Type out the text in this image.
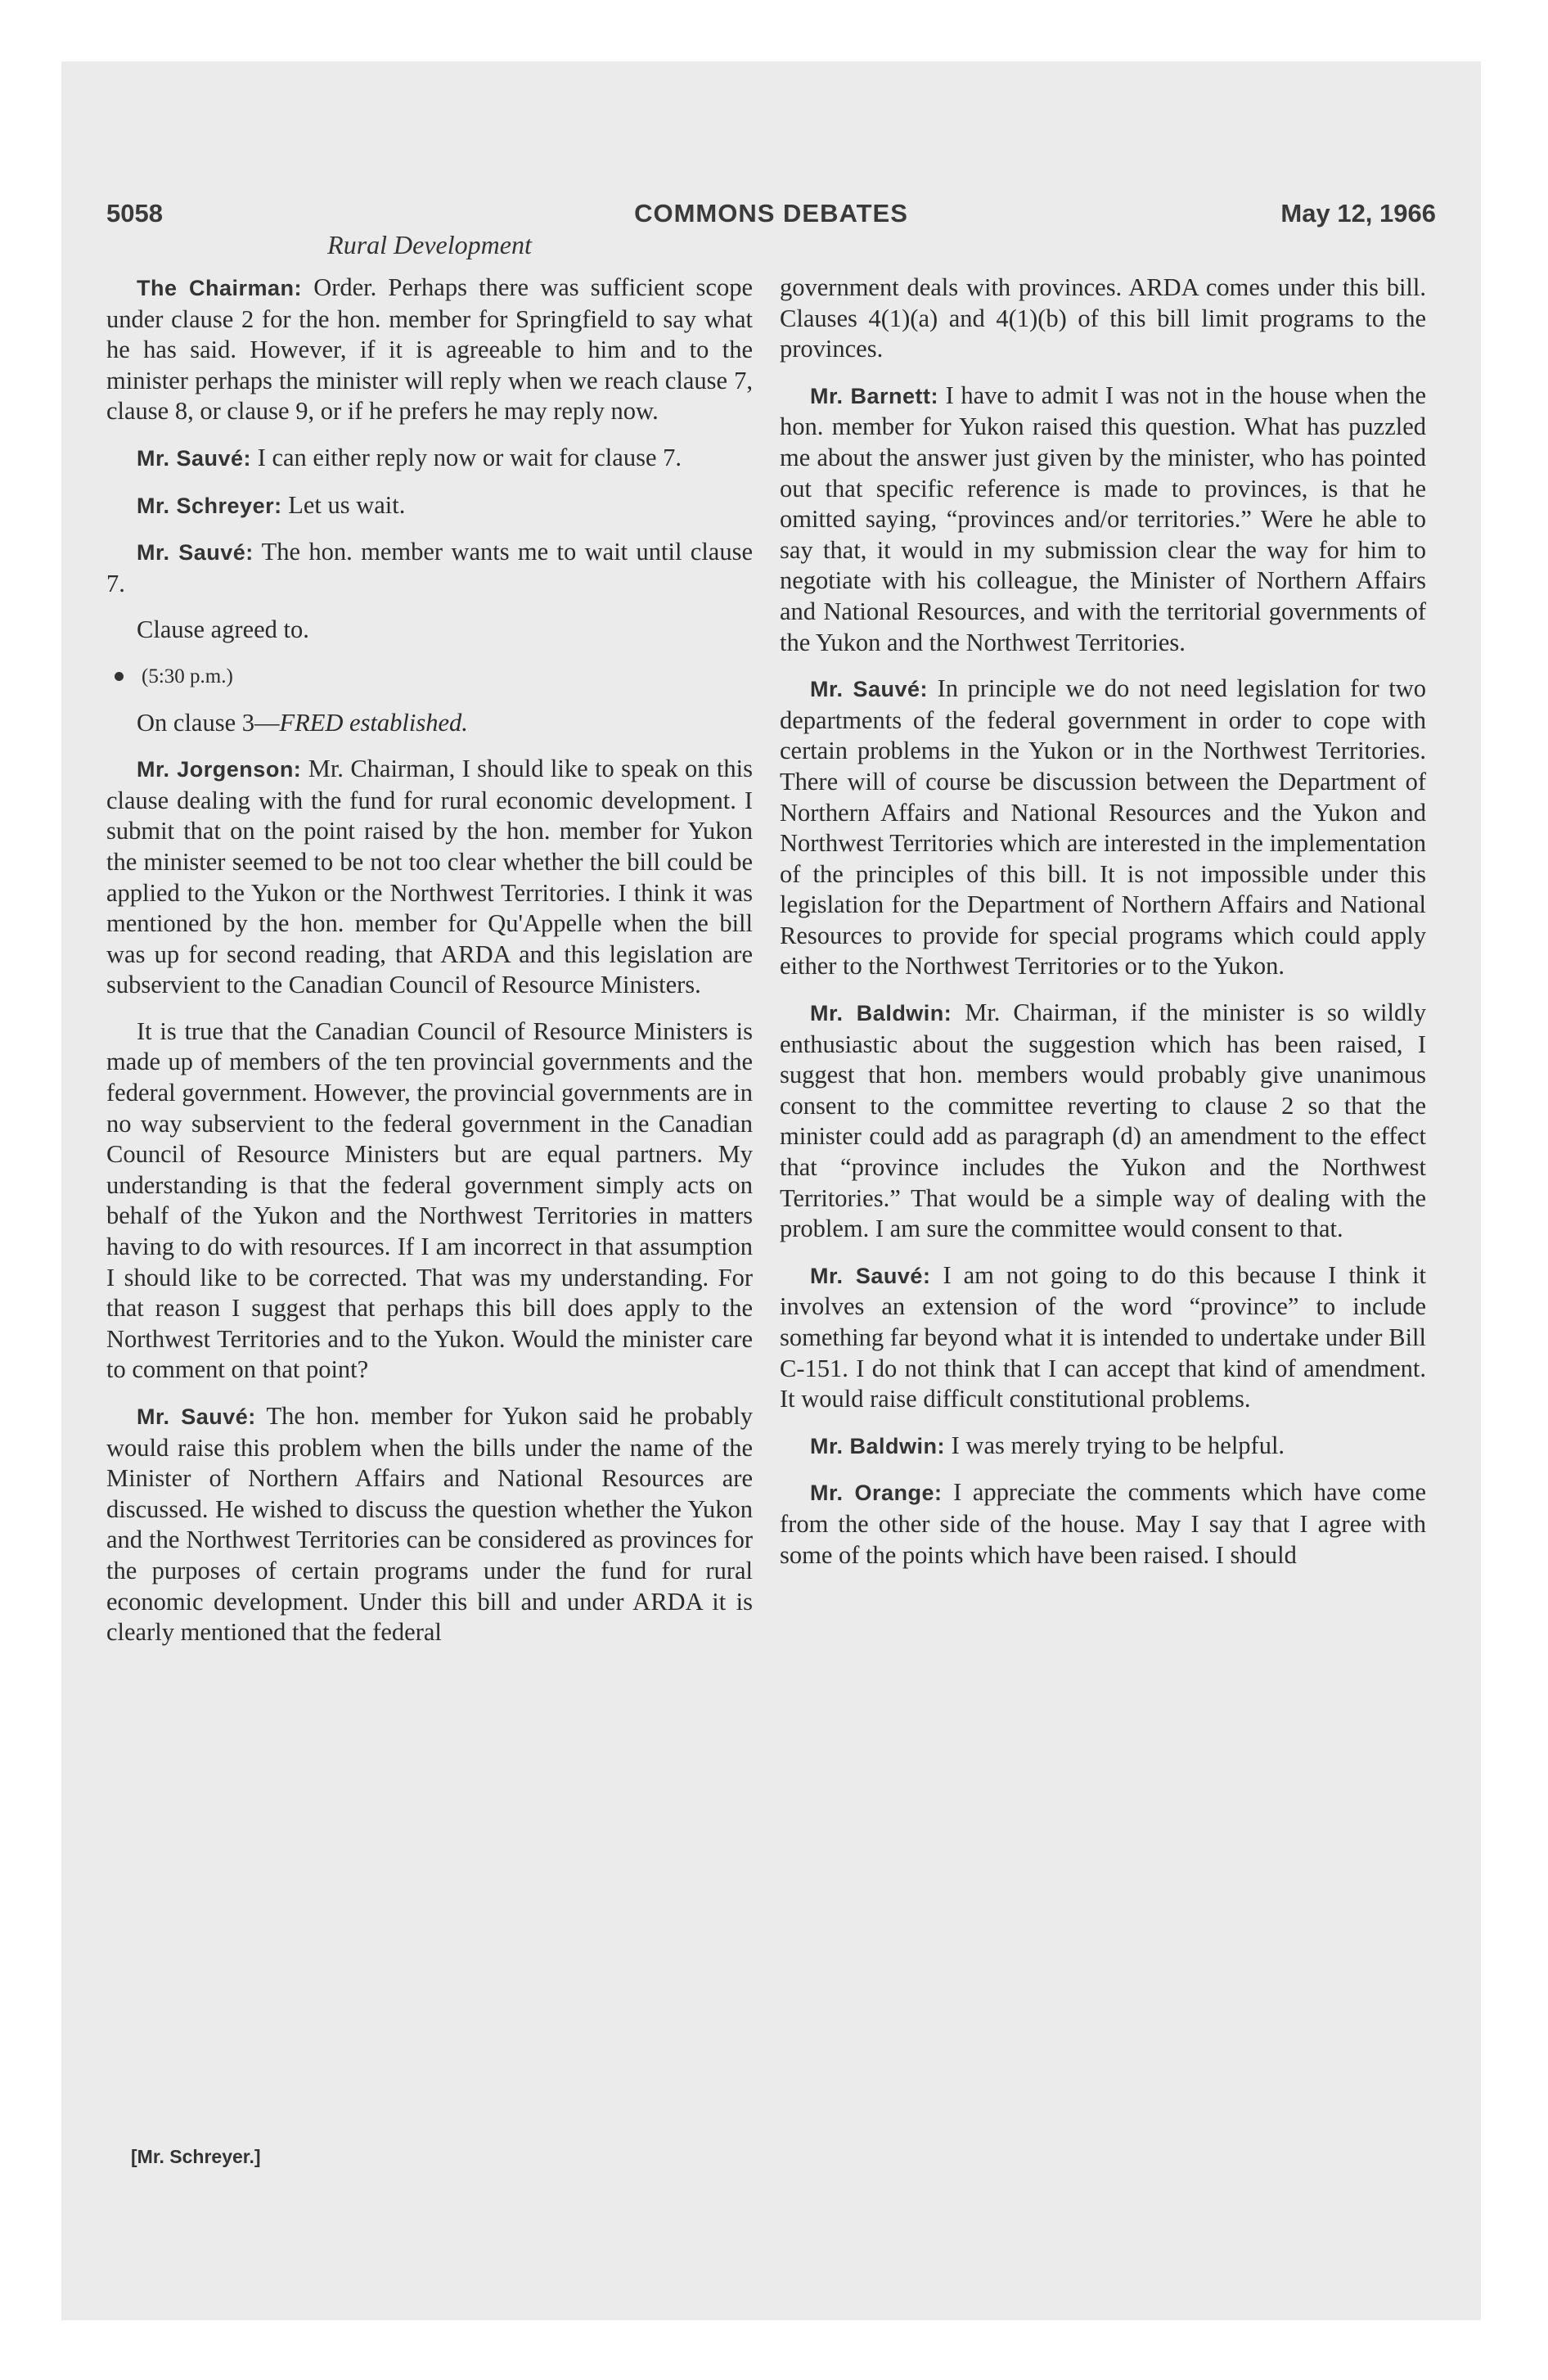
5058	COMMONS DEBATES	May 12, 1966
Rural Development

The Chairman: Order. Perhaps there was sufficient scope under clause 2 for the hon. member for Springfield to say what he has said. However, if it is agreeable to him and to the minister perhaps the minister will reply when we reach clause 7, clause 8, or clause 9, or if he prefers he may reply now.

Mr. Sauvé: I can either reply now or wait for clause 7.

Mr. Schreyer: Let us wait.

Mr. Sauvé: The hon. member wants me to wait until clause 7.

Clause agreed to.

(5:30 p.m.)

On clause 3—FRED established.

Mr. Jorgenson: Mr. Chairman, I should like to speak on this clause dealing with the fund for rural economic development. I submit that on the point raised by the hon. member for Yukon the minister seemed to be not too clear whether the bill could be applied to the Yukon or the Northwest Territories. I think it was mentioned by the hon. member for Qu'Appelle when the bill was up for second reading, that ARDA and this legislation are subservient to the Canadian Council of Resource Ministers.

It is true that the Canadian Council of Resource Ministers is made up of members of the ten provincial governments and the federal government. However, the provincial governments are in no way subservient to the federal government in the Canadian Council of Resource Ministers but are equal partners. My understanding is that the federal government simply acts on behalf of the Yukon and the Northwest Territories in matters having to do with resources. If I am incorrect in that assumption I should like to be corrected. That was my understanding. For that reason I suggest that perhaps this bill does apply to the Northwest Territories and to the Yukon. Would the minister care to comment on that point?

Mr. Sauvé: The hon. member for Yukon said he probably would raise this problem when the bills under the name of the Minister of Northern Affairs and National Resources are discussed. He wished to discuss the question whether the Yukon and the Northwest Territories can be considered as provinces for the purposes of certain programs under the fund for rural economic development. Under this bill and under ARDA it is clearly mentioned that the federal

government deals with provinces. ARDA comes under this bill. Clauses 4(1)(a) and 4(1)(b) of this bill limit programs to the provinces.

Mr. Barnett: I have to admit I was not in the house when the hon. member for Yukon raised this question. What has puzzled me about the answer just given by the minister, who has pointed out that specific reference is made to provinces, is that he omitted saying, “provinces and/or territories.” Were he able to say that, it would in my submission clear the way for him to negotiate with his colleague, the Minister of Northern Affairs and National Resources, and with the territorial governments of the Yukon and the Northwest Territories.

Mr. Sauvé: In principle we do not need legislation for two departments of the federal government in order to cope with certain problems in the Yukon or in the Northwest Territories. There will of course be discussion between the Department of Northern Affairs and National Resources and the Yukon and Northwest Territories which are interested in the implementation of the principles of this bill. It is not impossible under this legislation for the Department of Northern Affairs and National Resources to provide for special programs which could apply either to the Northwest Territories or to the Yukon.

Mr. Baldwin: Mr. Chairman, if the minister is so wildly enthusiastic about the suggestion which has been raised, I suggest that hon. members would probably give unanimous consent to the committee reverting to clause 2 so that the minister could add as paragraph (d) an amendment to the effect that “province includes the Yukon and the Northwest Territories.” That would be a simple way of dealing with the problem. I am sure the committee would consent to that.

Mr. Sauvé: I am not going to do this because I think it involves an extension of the word “province” to include something far beyond what it is intended to undertake under Bill C-151. I do not think that I can accept that kind of amendment. It would raise difficult constitutional problems.

Mr. Baldwin: I was merely trying to be helpful.

Mr. Orange: I appreciate the comments which have come from the other side of the house. May I say that I agree with some of the points which have been raised. I should

[Mr. Schreyer.]
